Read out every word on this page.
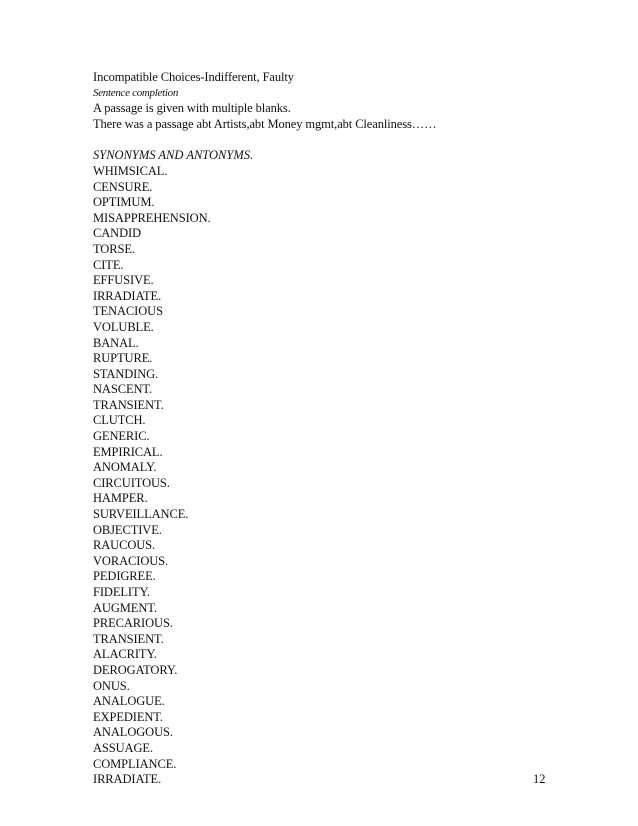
Incompatible Choices-Indifferent, Faulty
Sentence completion
A passage is given with multiple blanks.
There was a passage abt Artists,abt Money mgmt,abt Cleanliness……
SYNONYMS AND ANTONYMS.
WHIMSICAL.
CENSURE.
OPTIMUM.
MISAPPREHENSION.
CANDID
TORSE.
CITE.
EFFUSIVE.
IRRADIATE.
TENACIOUS
VOLUBLE.
BANAL.
RUPTURE.
STANDING.
NASCENT.
TRANSIENT.
CLUTCH.
GENERIC.
EMPIRICAL.
ANOMALY.
CIRCUITOUS.
HAMPER.
SURVEILLANCE.
OBJECTIVE.
RAUCOUS.
VORACIOUS.
PEDIGREE.
FIDELITY.
AUGMENT.
PRECARIOUS.
TRANSIENT.
ALACRITY.
DEROGATORY.
ONUS.
ANALOGUE.
EXPEDIENT.
ANALOGOUS.
ASSUAGE.
COMPLIANCE.
IRRADIATE.	12
